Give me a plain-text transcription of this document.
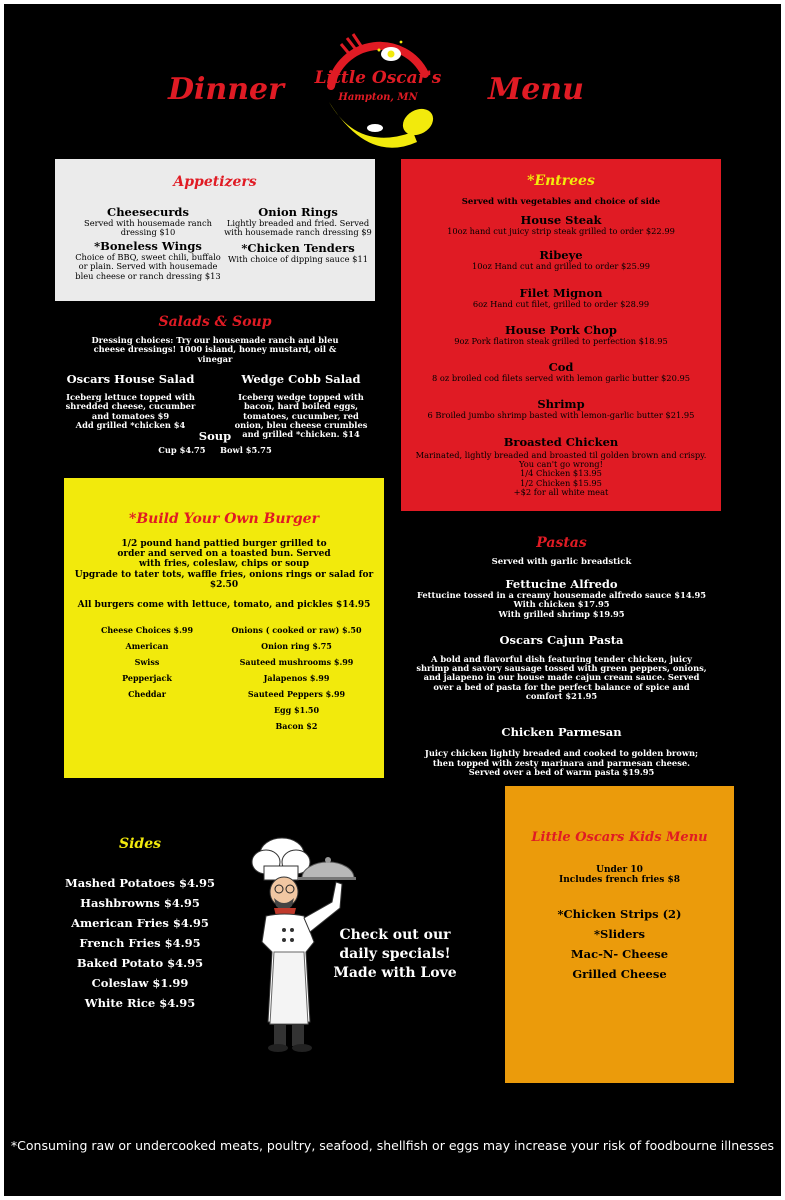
Dinner	Menu
Little Oscar's
Hampton, MN
Appetizers
Cheesecurds
Served with housemade ranch dressing $10
Onion Rings
Lightly breaded and fried. Served with housemade ranch dressing $9
*Boneless Wings
Choice of BBQ, sweet chili, buffalo or plain. Served with housemade bleu cheese or ranch dressing $13
*Chicken Tenders
With choice of dipping sauce $11
Salads & Soup
Dressing choices: Try our housemade ranch and bleu cheese dressings! 1000 island, honey mustard, oil & vinegar
Oscars House Salad
Iceberg lettuce topped with shredded cheese, cucumber and tomatoes $9
Add grilled *chicken $4
Wedge Cobb Salad
Iceberg wedge topped with bacon, hard boiled eggs, tomatoes, cucumber, red onion, bleu cheese crumbles and grilled *chicken. $14
Soup
Cup $4.75 Bowl $5.75
*Build Your Own Burger
1/2 pound hand pattied burger grilled to order and served on a toasted bun. Served with fries, coleslaw, chips or soup
Upgrade to tater tots, waffle fries, onions rings or salad for $2.50
All burgers come with lettuce, tomato, and pickles $14.95
Cheese Choices $.99
American
Swiss
Pepperjack
Cheddar
Onions ( cooked or raw) $.50
Onion ring $.75
Sauteed mushrooms $.99
Jalapenos $.99
Sauteed Peppers $.99
Egg $1.50
Bacon $2
*Entrees
Served with vegetables and choice of side
House Steak
10oz hand cut juicy strip steak grilled to order $22.99
Ribeye
10oz Hand cut and grilled to order $25.99
Filet Mignon
6oz Hand cut filet, grilled to order $28.99
House Pork Chop
9oz Pork flatiron steak grilled to perfection $18.95
Cod
8 oz broiled cod filets served with lemon garlic butter $20.95
Shrimp
6 Broiled jumbo shrimp basted with lemon-garlic butter $21.95
Broasted Chicken
Marinated, lightly breaded and broasted til golden brown and crispy.
You can't go wrong!
1/4 Chicken $13.95
1/2 Chicken $15.95
+$2 for all white meat
Pastas
Served with garlic breadstick
Fettucine Alfredo
Fettucine tossed in a creamy housemade alfredo sauce $14.95
With chicken $17.95
With grilled shrimp $19.95
Oscars Cajun Pasta
A bold and flavorful dish featuring tender chicken, juicy shrimp and savory sausage tossed with green peppers, onions, and jalapeno in our house made cajun cream sauce. Served over a bed of pasta for the perfect balance of spice and comfort $21.95
Chicken Parmesan
Juicy chicken lightly breaded and cooked to golden brown; then topped with zesty marinara and parmesan cheese. Served over a bed of warm pasta $19.95
Sides
Mashed Potatoes $4.95
Hashbrowns $4.95
American Fries $4.95
French Fries $4.95
Baked Potato $4.95
Coleslaw $1.99
White Rice $4.95
Check out our
daily specials!
Made with Love
Little Oscars Kids Menu
Under 10
Includes french fries $8
*Chicken Strips (2)
*Sliders
Mac-N- Cheese
Grilled Cheese
*Consuming raw or undercooked meats, poultry, seafood, shellfish or eggs may increase your risk of foodbourne illnesses
